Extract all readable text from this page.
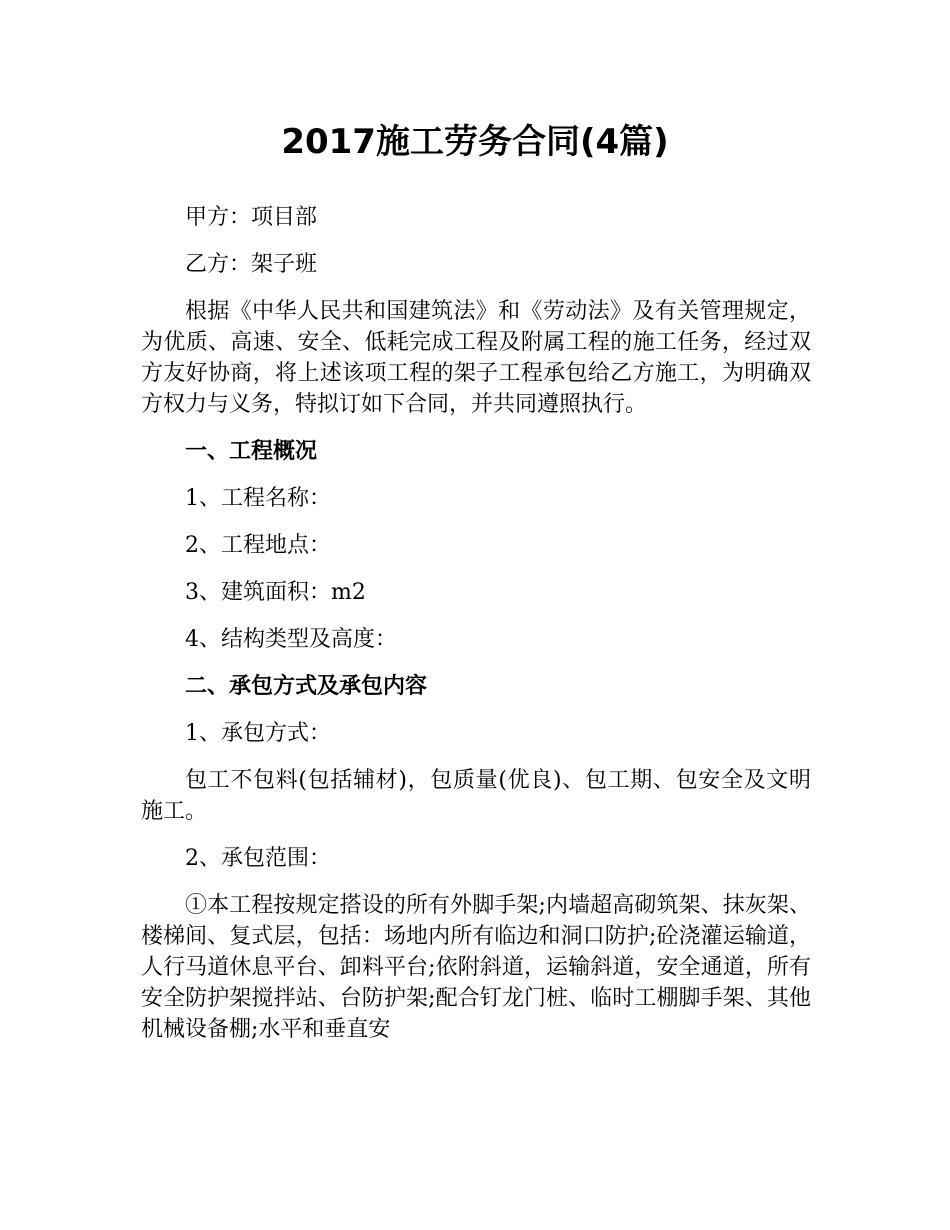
2017施工劳务合同(4篇)

甲方：项目部

乙方：架子班

根据《中华人民共和国建筑法》和《劳动法》及有关管理规定，为优质、高速、安全、低耗完成工程及附属工程的施工任务，经过双方友好协商，将上述该项工程的架子工程承包给乙方施工，为明确双方权力与义务，特拟订如下合同，并共同遵照执行。

一、工程概况

1、工程名称：

2、工程地点：

3、建筑面积：m2

4、结构类型及高度：

二、承包方式及承包内容

1、承包方式：

包工不包料(包括辅材)，包质量(优良)、包工期、包安全及文明施工。

2、承包范围：

①本工程按规定搭设的所有外脚手架;内墙超高砌筑架、抹灰架、楼梯间、复式层，包括：场地内所有临边和洞口防护;砼浇灌运输道，人行马道休息平台、卸料平台;依附斜道，运输斜道，安全通道，所有安全防护架搅拌站、台防护架;配合钉龙门桩、临时工棚脚手架、其他机械设备棚;水平和垂直安
